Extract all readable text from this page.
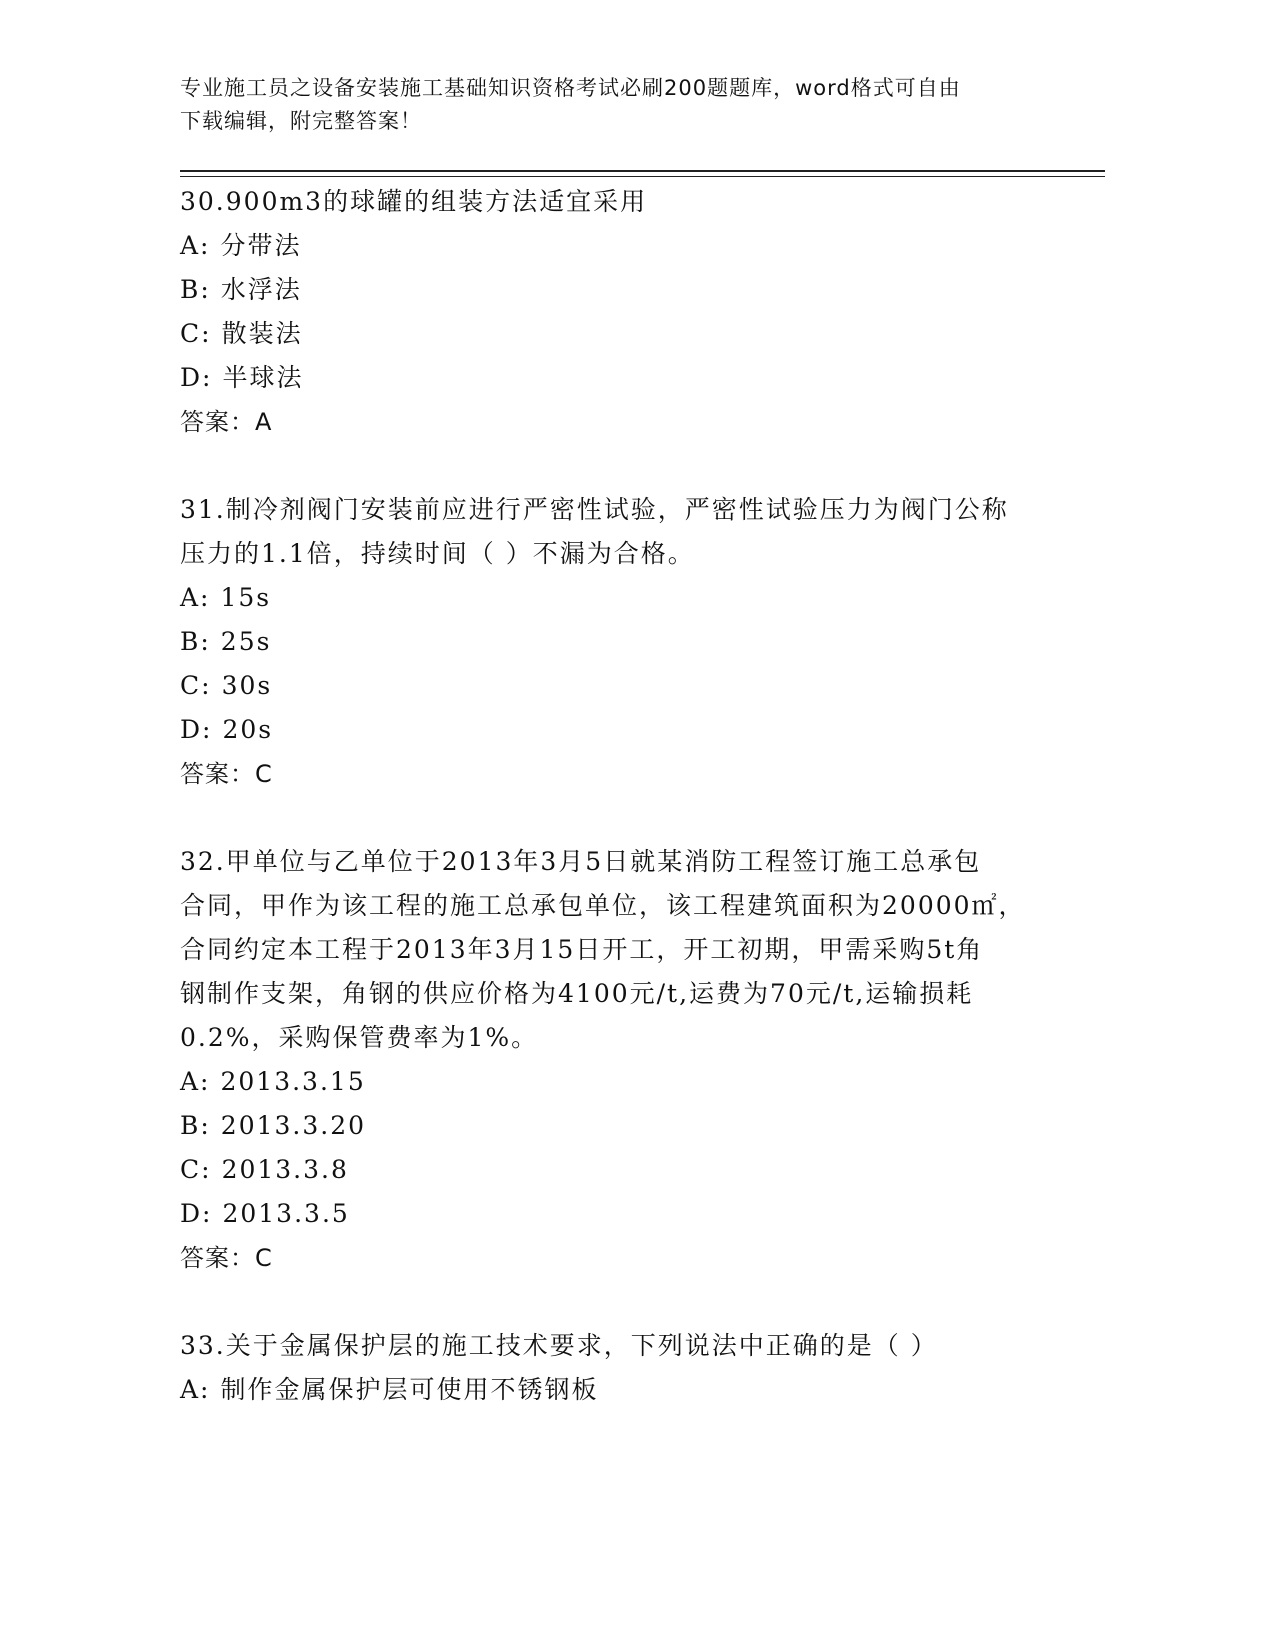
专业施工员之设备安装施工基础知识资格考试必刷200题题库，word格式可自由
下载编辑，附完整答案！
30.900m3的球罐的组装方法适宜采用
A: 分带法
B: 水浮法
C: 散装法
D: 半球法
答案：A
31.制冷剂阀门安装前应进行严密性试验，严密性试验压力为阀门公称
压力的1.1倍，持续时间（ ）不漏为合格。
A: 15s
B: 25s
C: 30s
D: 20s
答案：C
32.甲单位与乙单位于2013年3月5日就某消防工程签订施工总承包
合同，甲作为该工程的施工总承包单位，该工程建筑面积为20000㎡，
合同约定本工程于2013年3月15日开工，开工初期，甲需采购5t角
钢制作支架，角钢的供应价格为4100元/t,运费为70元/t,运输损耗
0.2%，采购保管费率为1%。
A: 2013.3.15
B: 2013.3.20
C: 2013.3.8
D: 2013.3.5
答案：C
33.关于金属保护层的施工技术要求，下列说法中正确的是（ ）
A: 制作金属保护层可使用不锈钢板
